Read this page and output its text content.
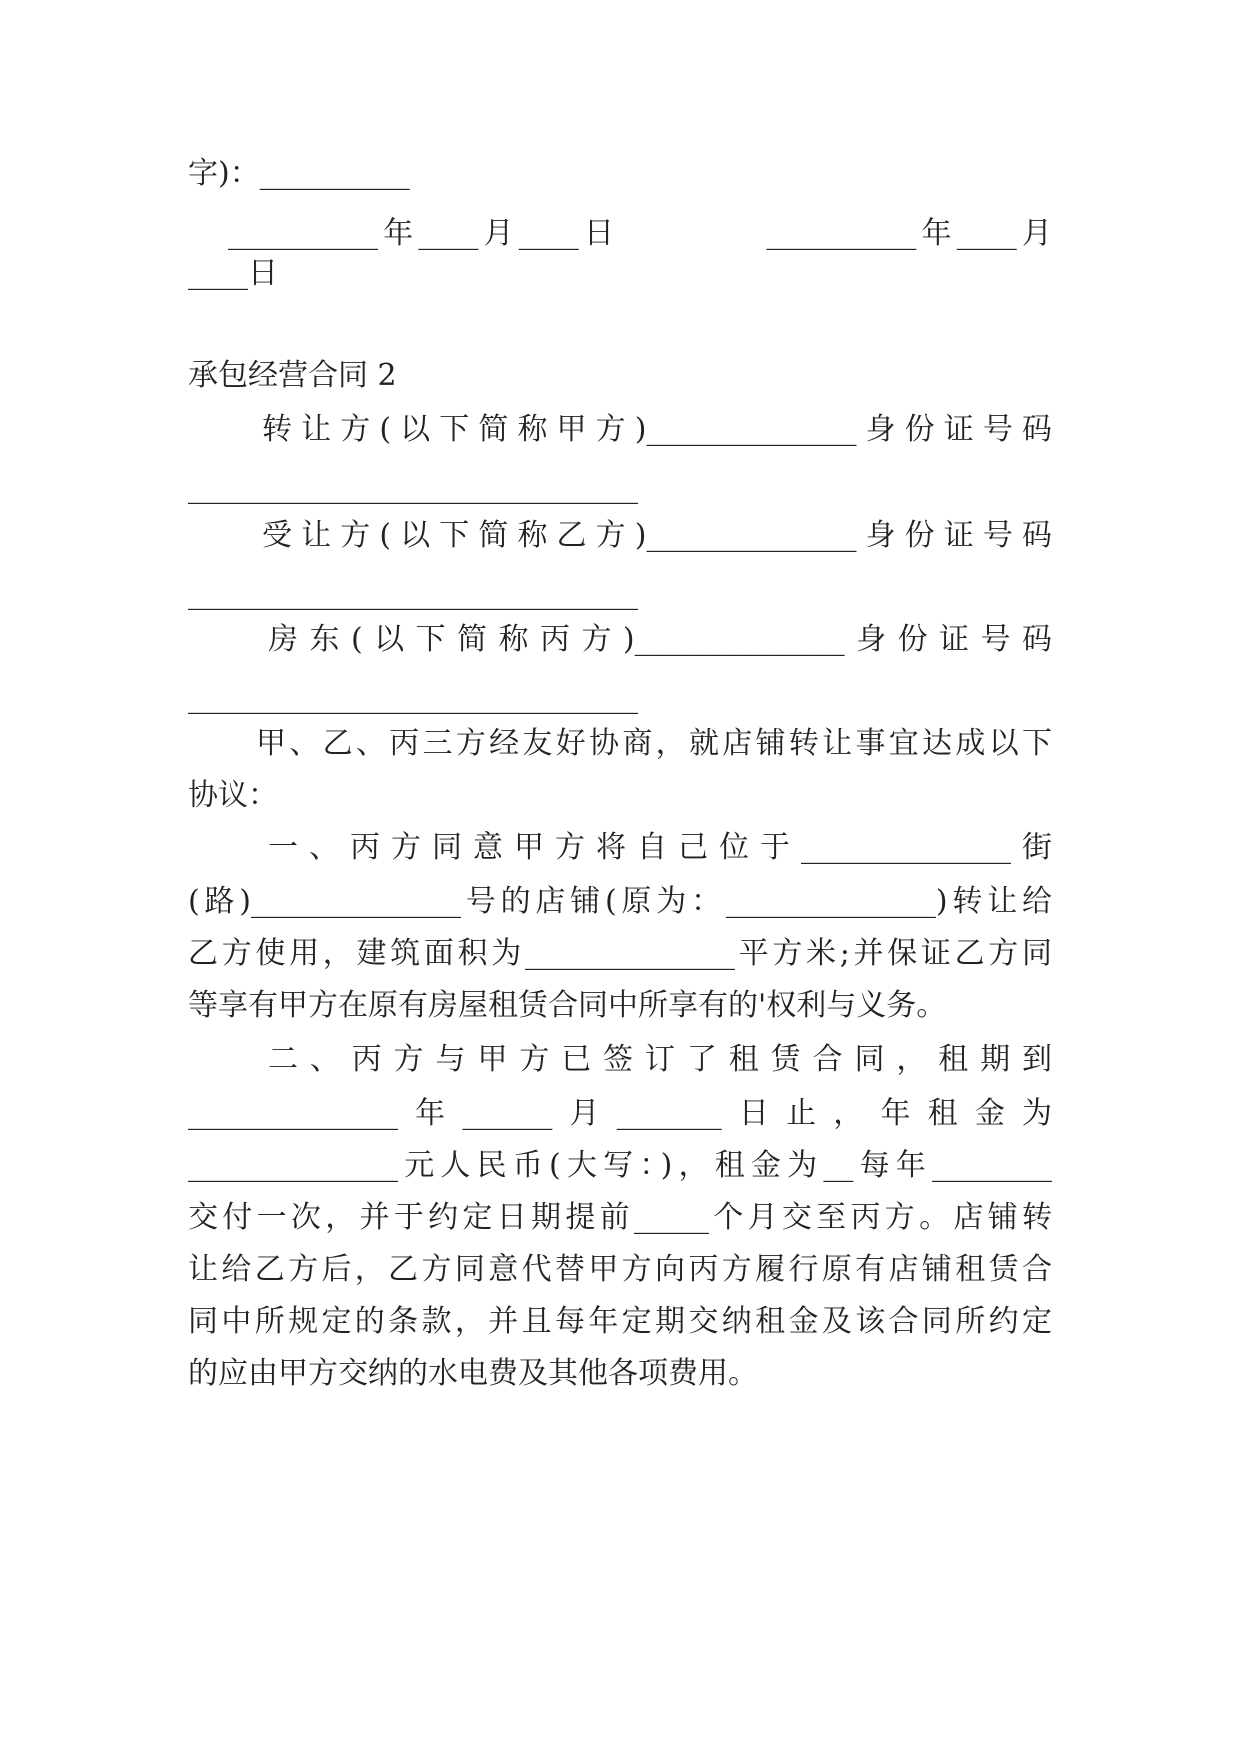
字)：__________

__________年____月____日          __________年____月

____日

承包经营合同 2

转让方(以下简称甲方)______________身份证号码

______________________________

受让方(以下简称乙方)______________身份证号码

______________________________

房东(以下简称丙方)______________身份证号码

______________________________

甲、乙、丙三方经友好协商，就店铺转让事宜达成以下

协议：

一、丙方同意甲方将自己位于______________街

(路)______________号的店铺(原为：______________)转让给

乙方使用，建筑面积为______________平方米;并保证乙方同

等享有甲方在原有房屋租赁合同中所享有的'权利与义务。

二、丙方与甲方已签订了租赁合同，租期到

______________年______月_______日止，年租金为

______________元人民币(大写：)，租金为__每年________

交付一次，并于约定日期提前_____个月交至丙方。店铺转

让给乙方后，乙方同意代替甲方向丙方履行原有店铺租赁合

同中所规定的条款，并且每年定期交纳租金及该合同所约定

的应由甲方交纳的水电费及其他各项费用。
